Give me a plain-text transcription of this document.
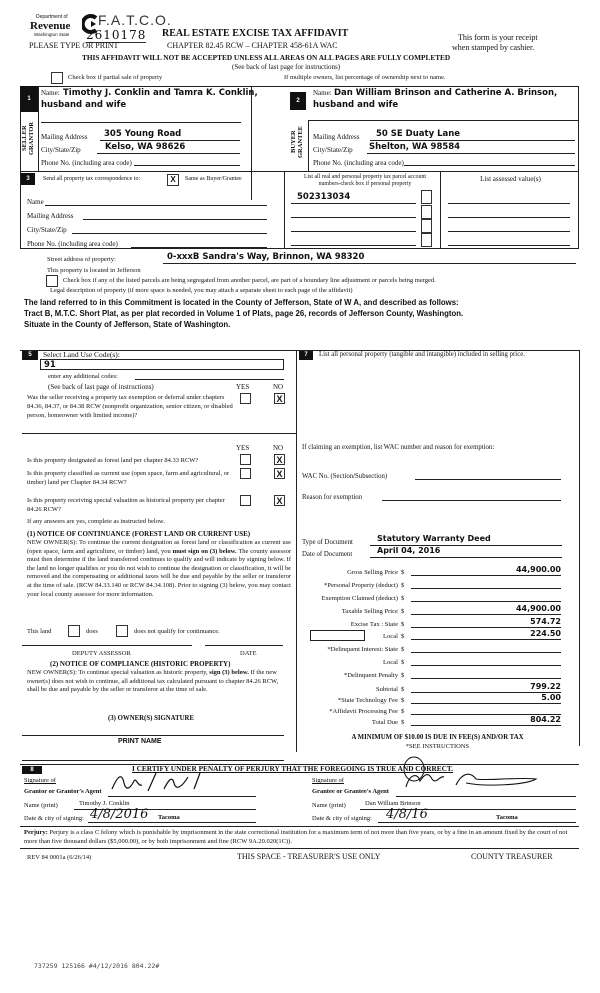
Department of
Revenue
Washington State
F.A.T.C.O.
2610178
PLEASE TYPE OR PRINT
REAL ESTATE EXCISE TAX AFFIDAVIT
CHAPTER 82.45 RCW – CHAPTER 458-61A WAC
This form is your receipt
when stamped by cashier.
THIS AFFIDAVIT WILL NOT BE ACCEPTED UNLESS ALL AREAS ON ALL PAGES ARE FULLY COMPLETED
(See back of last page for instructions)
Check box if partial sale of property	If multiple owners, list percentage of ownership next to name.
1
SELLER
GRANTOR
Name: Timothy J. Conklin and Tamra K. Conklin,
husband and wife
Mailing Address	305 Young Road
City/State/Zip	Kelso, WA 98626
Phone No. (including area code)
2
BUYER
GRANTEE
Name: Dan William Brinson and Catherine A. Brinson,
husband and wife
Mailing Address	50 SE Duaty Lane
City/State/Zip Shelton, WA 98584
Phone No. (including area code)
3	Send all property tax correspondence to:	X	Same as Buyer/Grantee
Name
Mailing Address
City/State/Zip
Phone No. (including area code)
List all real and personal property tax parcel account
numbers-check box if personal property
List assessed value(s)
502313034
Street address of property:	0-xxxB Sandra's Way, Brinnon, WA 98320
This property is located in Jefferson
Check box if any of the listed parcels are being segregated from another parcel, are part of a boundary line adjustment or parcels being merged.
Legal description of property (if more space is needed, you may attach a separate sheet to each page of the affidavit)
The land referred to in this Commitment is located in the County of Jefferson, State of W A, and described as follows:
Tract B, M.T.C. Short Plat, as per plat recorded in Volume 1 of Plats, page 26, records of Jefferson County, Washington.
Situate in the County of Jefferson, State of Washington.
5	Select Land Use Code(s):
91
enter any additional codes:
(See back of last page of instructions)	YES	NO
Was the seller receiving a property tax exemption or deferral under chapters 84.36, 84.37, or 84.38 RCW (nonprofit organization, senior citizen, or disabled person, homeowner with limited income)?
X
YES	NO
Is this property designated as forest land per chapter 84.33 RCW?	X
Is this property classified as current use (open space, farm and agricultural, or timber) land per Chapter 84.34 RCW?
X
Is this property receiving special valuation as historical property per chapter 84.26 RCW?
X
If any answers are yes, complete as instructed below.
(1) NOTICE OF CONTINUANCE (FOREST LAND OR CURRENT USE)
NEW OWNER(S): To continue the current designation as forest land or classification as current use (open space, farm and agriculture, or timber) land, you must sign on (3) below. The county assessor must then determine if the land transferred continues to qualify and will indicate by signing below. If the land no longer qualifies or you do not wish to continue the designation or classification, it will be removed and the compensating or additional taxes will be due and payable by the seller or transferor at the time of sale. (RCW 84.33.140 or RCW 84.34.108). Prior to signing (3) below, you may contact your local county assessor for more information.
This land	does	does not qualify for continuance.
DEPUTY ASSESSOR	DATE
(2) NOTICE OF COMPLIANCE (HISTORIC PROPERTY)
NEW OWNER(S): To continue special valuation as historic property, sign (3) below. If the new owner(s) does not wish to continue, all additional tax calculated pursuant to chapter 84.26 RCW, shall be due and payable by the seller or transferor at the time of sale.
(3) OWNER(S) SIGNATURE
PRINT NAME
7	List all personal property (tangible and intangible) included in selling price.
If claiming an exemption, list WAC number and reason for exemption:
WAC No. (Section/Subsection)
Reason for exemption
Type of Document	Statutory Warranty Deed
Date of Document	April 04, 2016
Gross Selling Price $	44,900.00
*Personal Property (deduct) $
Exemption Claimed (deduct) $
Taxable Selling Price $	44,900.00
Excise Tax : State $	574.72
Local $	224.50
*Delinquent Interest: State $
Local $
*Delinquent Penalty $
Subtotal $	799.22
*State Technology Fee $	5.00
*Affidavit Processing Fee $
Total Due $	804.22
A MINIMUM OF $10.00 IS DUE IN FEE(S) AND/OR TAX
*SEE INSTRUCTIONS
8	I CERTIFY UNDER PENALTY OF PERJURY THAT THE FOREGOING IS TRUE AND CORRECT.
Signature of
Grantor or Grantor's Agent
Name (print)	Timothy J. Conklin
Date & city of signing: 4/8/2016 Tacoma
Signature of
Grantee or Grantee's Agent
Name (print)	Dan William Brinson
Date & city of signing: 4/8/16	Tacoma
Perjury: Perjury is a class C felony which is punishable by imprisonment in the state correctional institution for a maximum term of not more than five years, or by a fine in an amount fixed by the court of not more than five thousand dollars ($5,000.00), or by both imprisonment and fine (RCW 9A.20.020(1C)).
REV 84 0001a (6/26/14)	THIS SPACE - TREASURER'S USE ONLY	COUNTY TREASURER
737259 125166 #4/12/2016 804.22#
